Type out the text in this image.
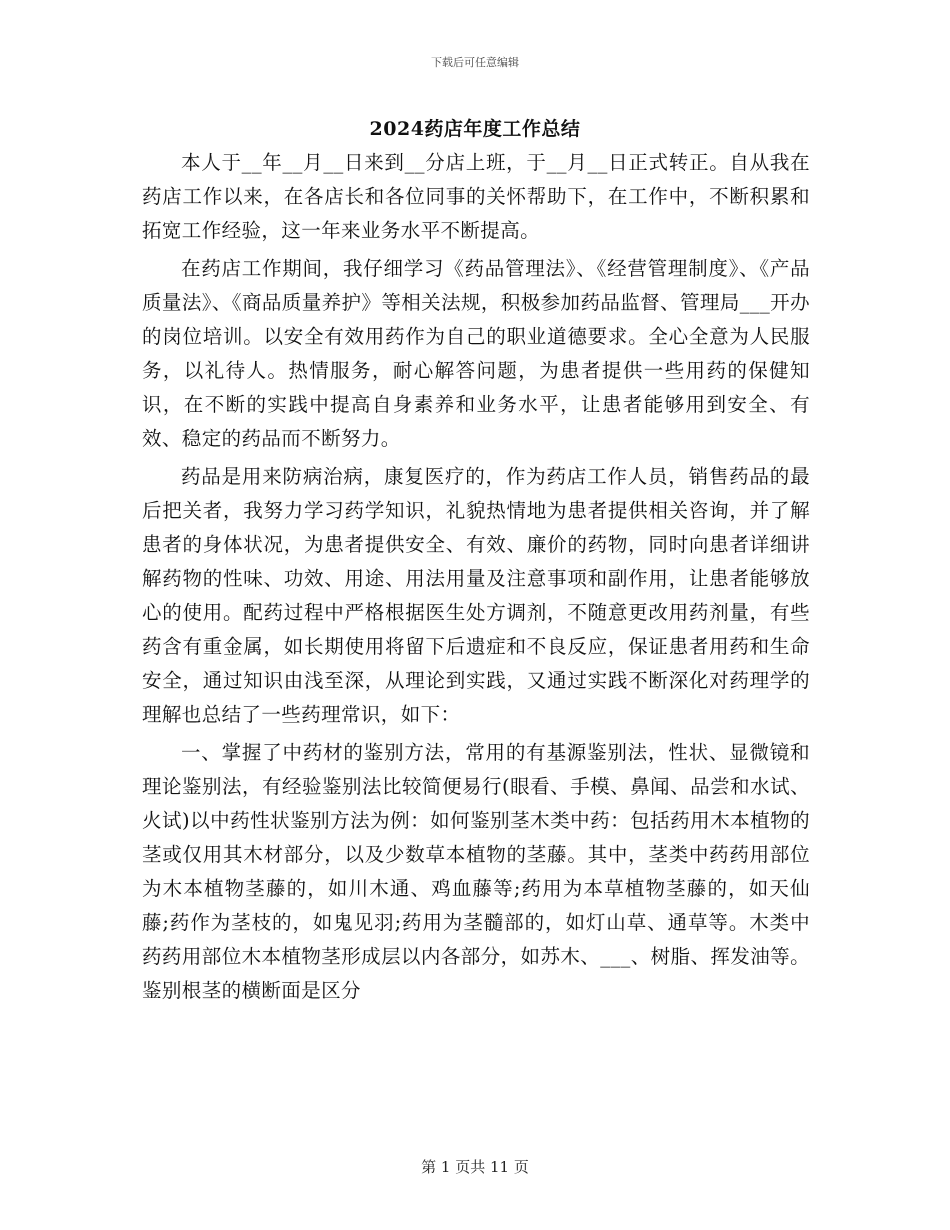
下载后可任意编辑
2024药店年度工作总结

本人于__年__月__日来到__分店上班，于__月__日正式转正。自从我在药店工作以来，在各店长和各位同事的关怀帮助下，在工作中，不断积累和拓宽工作经验，这一年来业务水平不断提高。

在药店工作期间，我仔细学习《药品管理法》、《经营管理制度》、《产品质量法》、《商品质量养护》等相关法规，积极参加药品监督、管理局___开办的岗位培训。以安全有效用药作为自己的职业道德要求。全心全意为人民服务，以礼待人。热情服务，耐心解答问题，为患者提供一些用药的保健知识，在不断的实践中提高自身素养和业务水平，让患者能够用到安全、有效、稳定的药品而不断努力。

药品是用来防病治病，康复医疗的，作为药店工作人员，销售药品的最后把关者，我努力学习药学知识，礼貌热情地为患者提供相关咨询，并了解患者的身体状况，为患者提供安全、有效、廉价的药物，同时向患者详细讲解药物的性味、功效、用途、用法用量及注意事项和副作用，让患者能够放心的使用。配药过程中严格根据医生处方调剂，不随意更改用药剂量，有些药含有重金属，如长期使用将留下后遗症和不良反应，保证患者用药和生命安全，通过知识由浅至深，从理论到实践，又通过实践不断深化对药理学的理解也总结了一些药理常识，如下：

一、掌握了中药材的鉴别方法，常用的有基源鉴别法，性状、显微镜和理论鉴别法，有经验鉴别法比较简便易行(眼看、手模、鼻闻、品尝和水试、火试)以中药性状鉴别方法为例：如何鉴别茎木类中药：包括药用木本植物的茎或仅用其木材部分，以及少数草本植物的茎藤。其中，茎类中药药用部位为木本植物茎藤的，如川木通、鸡血藤等;药用为本草植物茎藤的，如天仙藤;药作为茎枝的，如鬼见羽;药用为茎髓部的，如灯山草、通草等。木类中药药用部位木本植物茎形成层以内各部分，如苏木、___、树脂、挥发油等。鉴别根茎的横断面是区分

第 1 页共 11 页
